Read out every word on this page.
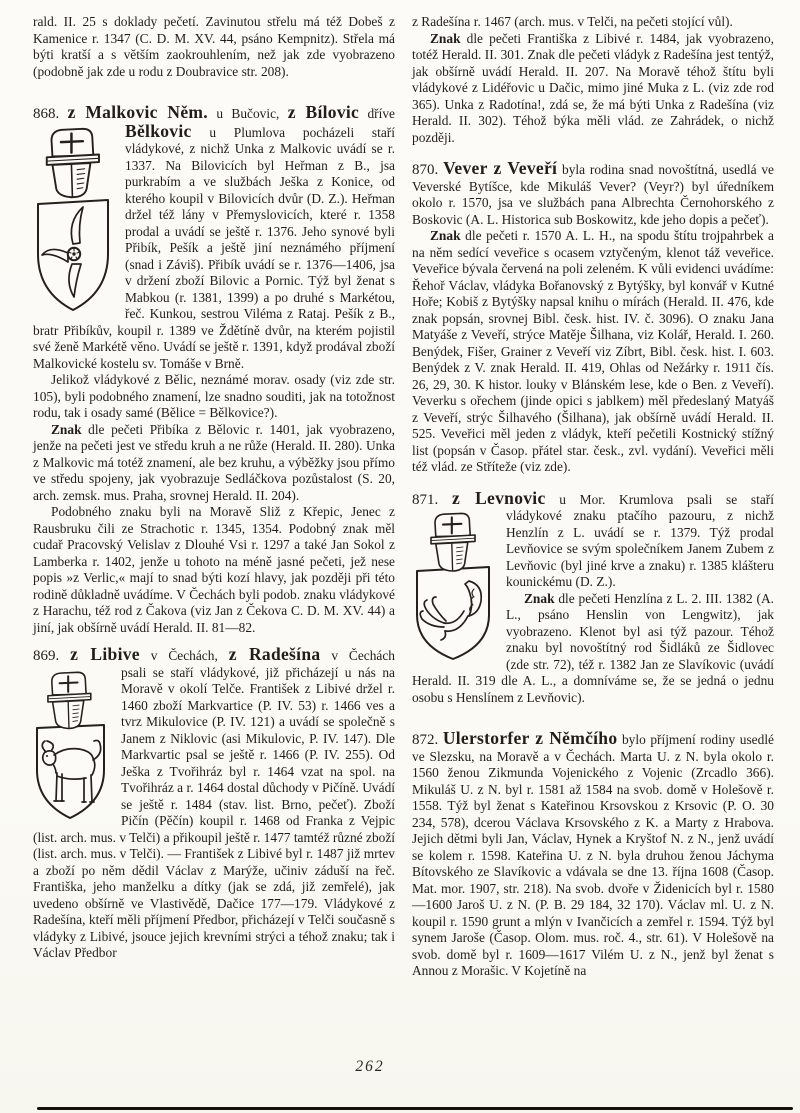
rald. II. 25 s doklady pečetí. Zavinutou střelu má též Dobeš z Kamenice r. 1347 (C. D. M. XV. 44, psáno Kempnitz). Střela má býti kratší a s větším zaokrouhlením, než jak zde vyobrazeno (podobně jak zde u rodu z Doubravice str. 208).
868. z Malkovic Něm. u Bučovic, z Bílovic dříve
Bělkovic u Plumlova pocházeli staří vládykové, z nichž Unka z Malkovic uvádí se r. 1337. Na Bilovicích byl Heřman z B., jsa purkrabím a ve službách Ješka z Konice, od kterého koupil v Bilovicích dvůr (D. Z.). Heřman držel též lány v Přemyslovicích, které r. 1358 prodal a uvádí se ještě r. 1376. Jeho synové byli Přibík, Pešík a ještě jiní neznámého příjmení (snad i Záviš). Přibík uvádí se r. 1376—1406, jsa v držení zboží Bilovic a Pornic. Týž byl ženat s Mabkou (r. 1381, 1399) a po druhé s Markétou, řeč. Kunkou, sestrou Viléma z Rataj. Pešík z B., bratr Přibíkův, koupil r. 1389 ve Ždětíně dvůr, na kterém pojistil své ženě Markétě věno. Uvádí se ještě r. 1391, když prodával zboží Malkovické kostelu sv. Tomáše v Brně.
Jelikož vládykové z Bělic, neznámé morav. osady (viz zde str. 105), byli podobného znamení, lze snadno souditi, jak na totožnost rodu, tak i osady samé (Bělice = Bělkovice?).
Znak dle pečeti Přibíka z Bělovic r. 1401, jak vyobrazeno, jenže na pečeti jest ve středu kruh a ne růže (Herald. II. 280). Unka z Malkovic má totéž znamení, ale bez kruhu, a výběžky jsou přímo ve středu spojeny, jak vyobrazuje Sedláčkova pozůstalost (S. 20, arch. zemsk. mus. Praha, srovnej Herald. II. 204).
Podobného znaku byli na Moravě Sliž z Křepic, Jenec z Rausbruku čili ze Strachotic r. 1345, 1354. Podobný znak měl cudař Pracovský Velislav z Dlouhé Vsi r. 1297 a také Jan Sokol z Lamberka r. 1402, jenže u tohoto na méně jasné pečeti, jež nese popis »z Verlic,« mají to snad býti kozí hlavy, jak později při této rodině důkladně uvádíme. V Čechách byli podob. znaku vládykové z Harachu, též rod z Čakova (viz Jan z Čekova C. D. M. XV. 44) a jiní, jak obšírně uvádí Herald. II. 81—82.
869. z Libive v Čechách, z Radešína v Čechách
psali se staří vládykové, již přicházejí u nás na Moravě v okolí Telče. František z Libivé držel r. 1460 zboží Markvartice (P. IV. 53) r. 1466 ves a tvrz Mikulovice (P. IV. 121) a uvádí se společně s Janem z Niklovic (asi Mikulovic, P. IV. 147). Dle Markvartic psal se ještě r. 1466 (P. IV. 255). Od Ješka z Tvořihráz byl r. 1464 vzat na spol. na Tvořihráz a r. 1464 dostal důchody v Pičíně. Uvádí se ještě r. 1484 (stav. list. Brno, pečeť). Zboží Pičín (Pěčín) koupil r. 1468 od Franka z Vejpic (list. arch. mus. v Telči) a přikoupil ještě r. 1477 tamtéž různé zboží (list. arch. mus. v Telči). — František z Libivé byl r. 1487 již mrtev a zboží po něm dědil Václav z Marýže, učiniv záduší na řeč. Františka, jeho manželku a dítky (jak se zdá, již zemřelé), jak uvedeno obšírně ve Vlastivědě, Dačice 177—179. Vládykové z Radešína, kteří měli příjmení Předbor, přicházejí v Telči současně s vládyky z Libivé, jsouce jejich krevními strýci a téhož znaku; tak i Václav Předbor
z Radešína r. 1467 (arch. mus. v Telči, na pečeti stojící vůl).
Znak dle pečeti Františka z Libivé r. 1484, jak vyobrazeno, totéž Herald. II. 301. Znak dle pečeti vládyk z Radešína jest tentýž, jak obšírně uvádí Herald. II. 207. Na Moravě téhož štítu byli vládykové z Lidéřovic u Dačic, mimo jiné Muka z L. (viz zde rod 365). Unka z Radotína!, zdá se, že má býti Unka z Radešína (viz Herald. II. 302). Téhož býka měli vlád. ze Zahrádek, o nichž později.
870. Vever z Veveří byla rodina snad novoštítná, usedlá ve Veverské Bytíšce, kde Mikuláš Vever? (Veyr?) byl úředníkem okolo r. 1570, jsa ve službách pana Albrechta Černohorského z Boskovic (A. L. Historica sub Boskowitz, kde jeho dopis a pečeť).
Znak dle pečeti r. 1570 A. L. H., na spodu štítu trojpahrbek a na něm sedící veveřice s ocasem vztyčeným, klenot táž veveřice. Veveřice bývala červená na poli zeleném. K vůli evidenci uvádíme: Řehoř Václav, vládyka Bořanovský z Bytýšky, byl konvář v Kutné Hoře; Kobiš z Bytýšky napsal knihu o mírách (Herald. II. 476, kde znak popsán, srovnej Bibl. česk. hist. IV. č. 3096). O znaku Jana Matyáše z Veveří, strýce Matěje Šilhana, viz Kolář, Herald. I. 260. Benýdek, Fišer, Grainer z Veveří viz Zíbrt, Bibl. česk. hist. I. 603. Benýdek z V. znak Herald. II. 419, Ohlas od Nežárky r. 1911 čís. 26, 29, 30. K histor. louky v Blánském lese, kde o Ben. z Veveří). Veverku s ořechem (jinde opici s jablkem) měl předeslaný Matyáš z Veveří, strýc Šilhavého (Šilhana), jak obšírně uvádí Herald. II. 525. Veveřici měl jeden z vládyk, kteří pečetili Kostnický stížný list (popsán v Časop. přátel star. česk., zvl. vydání). Veveřici měli též vlád. ze Stříteže (viz zde).
871. z Levnovic u Mor. Krumlova psali se staří
vládykové znaku ptačího pazouru, z nichž Henzlín z L. uvádí se r. 1379. Týž prodal Levňovice se svým společníkem Janem Zubem z Levňovic (byl jiné krve a znaku) r. 1385 klášteru kounickému (D. Z.).
Znak dle pečeti Henzlína z L. 2. III. 1382 (A. L., psáno Henslin von Lengwitz), jak vyobrazeno. Klenot byl asi týž pazour. Téhož znaku byl novoštítný rod Šidláků ze Šidlovec (zde str. 72), též r. 1382 Jan ze Slavíkovic (uvádí Herald. II. 319 dle A. L., a domníváme se, že se jedná o jednu osobu s Henslínem z Levňovic).
872. Ulerstorfer z Němčího bylo příjmení rodiny usedlé ve Slezsku, na Moravě a v Čechách. Marta U. z N. byla okolo r. 1560 ženou Zikmunda Vojenického z Vojenic (Zrcadlo 366). Mikuláš U. z N. byl r. 1581 až 1584 na svob. domě v Holešově r. 1558. Týž byl ženat s Kateřinou Krsovskou z Krsovic (P. O. 30 234, 578), dcerou Václava Krsovského z K. a Marty z Hrabova. Jejich dětmi byli Jan, Václav, Hynek a Kryštof N. z N., jenž uvádí se kolem r. 1598. Kateřina U. z N. byla druhou ženou Jáchyma Bítovského ze Slavíkovic a vdávala se dne 13. října 1608 (Časop. Mat. mor. 1907, str. 218). Na svob. dvoře v Židenicích byl r. 1580—1600 Jaroš U. z N. (P. B. 29 184, 32 170). Václav ml. U. z N. koupil r. 1590 grunt a mlýn v Ivančicích a zemřel r. 1594. Týž byl synem Jaroše (Časop. Olom. mus. roč. 4., str. 61). V Holešově na svob. domě byl r. 1609—1617 Vilém U. z N., jenž byl ženat s Annou z Morašic. V Kojetíně na
262
